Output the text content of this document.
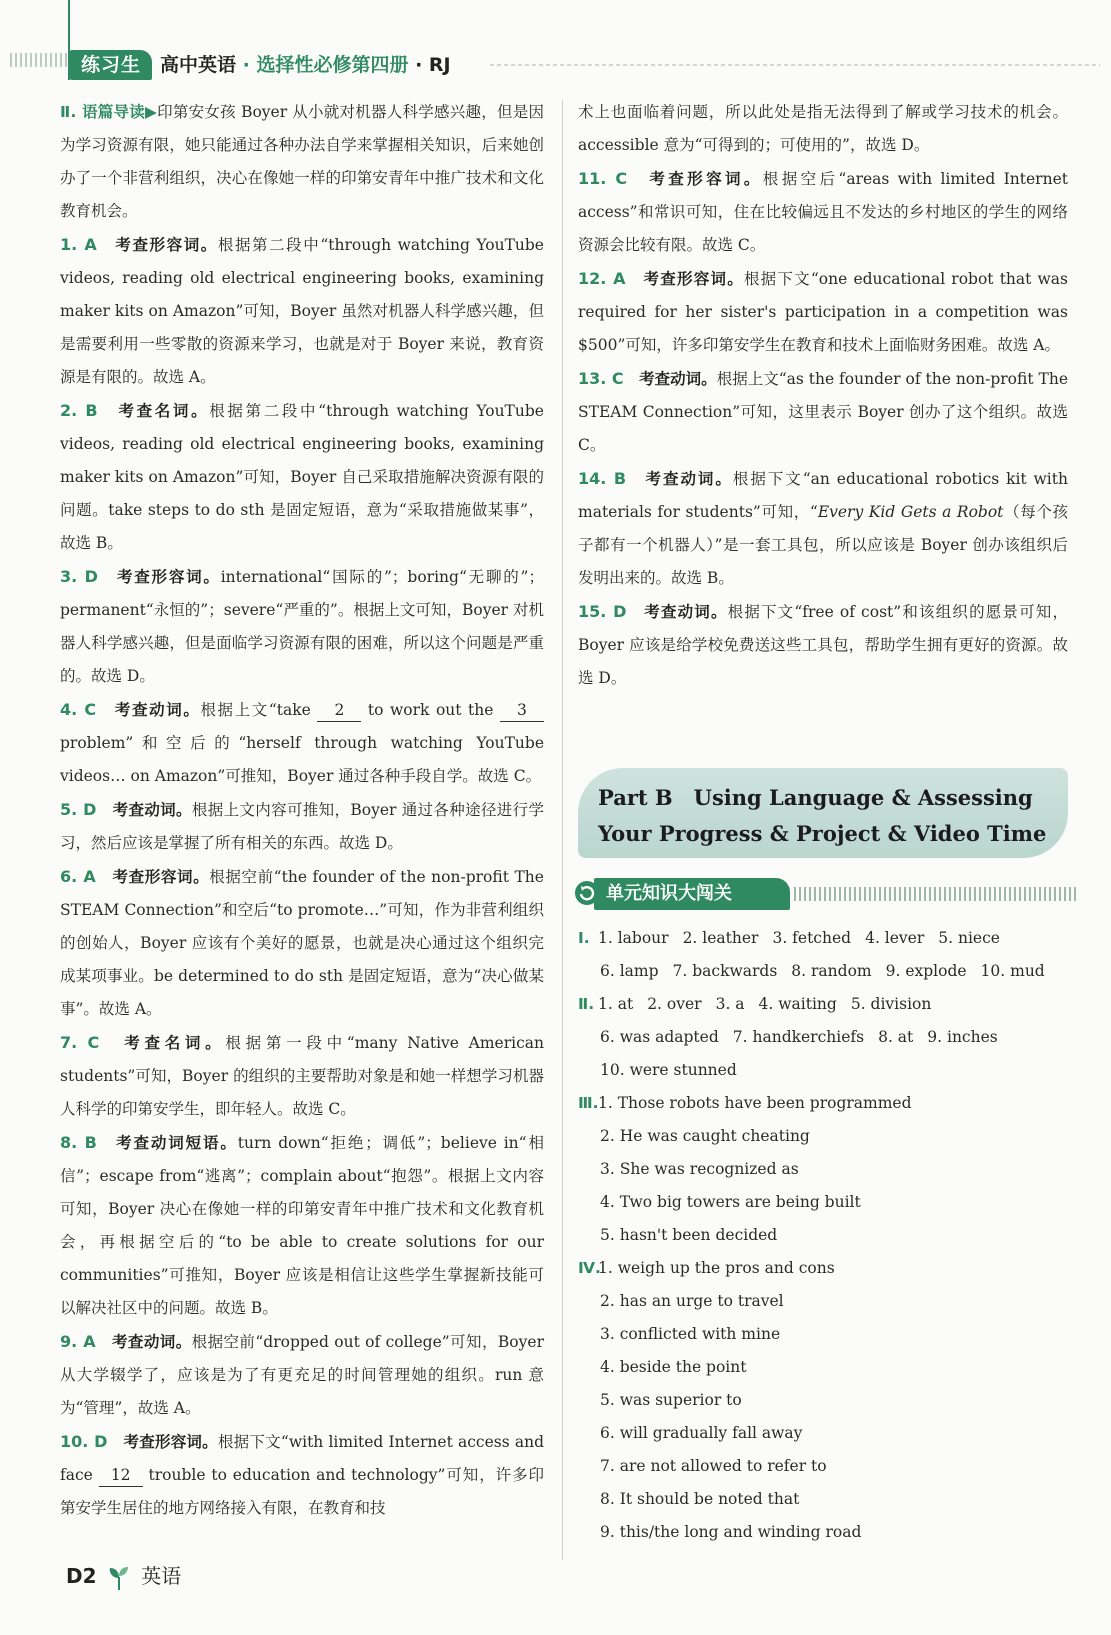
练习生	高中英语 · 选择性必修第四册 · RJ
Ⅱ. 语篇导读▶印第安女孩 Boyer 从小就对机器人科学感兴趣，但是因为学习资源有限，她只能通过各种办法自学来掌握相关知识，后来她创办了一个非营利组织，决心在像她一样的印第安青年中推广技术和文化教育机会。
1. A　 考查形容词。根据第二段中“through watching YouTube videos, reading old electrical engineering books, examining maker kits on Amazon”可知，Boyer 虽然对机器人科学感兴趣，但是需要利用一些零散的资源来学习，也就是对于 Boyer 来说，教育资源是有限的。故选 A。
2. B　 考查名词。根据第二段中“through watching YouTube videos, reading old electrical engineering books, examining maker kits on Amazon”可知，Boyer 自己采取措施解决资源有限的问题。take steps to do sth 是固定短语，意为“采取措施做某事”，故选 B。
3. D　 考查形容词。international“国际的”；boring“无聊的”；permanent“永恒的”；severe“严重的”。根据上文可知，Boyer 对机器人科学感兴趣，但是面临学习资源有限的困难，所以这个问题是严重的。故选 D。
4. C　 考查动词。根据上文“take 2 to work out the 3 problem”和空后的“herself through watching YouTube videos… on Amazon”可推知，Boyer 通过各种手段自学。故选 C。
5. D　 考查动词。根据上文内容可推知，Boyer 通过各种途径进行学习，然后应该是掌握了所有相关的东西。故选 D。
6. A　 考查形容词。根据空前“the founder of the non-profit The STEAM Connection”和空后“to promote…”可知，作为非营利组织的创始人，Boyer 应该有个美好的愿景，也就是决心通过这个组织完成某项事业。be determined to do sth 是固定短语，意为“决心做某事”。故选 A。
7. C　 考查名词。根据第一段中“many Native American students”可知，Boyer 的组织的主要帮助对象是和她一样想学习机器人科学的印第安学生，即年轻人。故选 C。
8. B　 考查动词短语。turn down“拒绝；调低”；believe in“相信”；escape from“逃离”；complain about“抱怨”。根据上文内容可知，Boyer 决心在像她一样的印第安青年中推广技术和文化教育机会，再根据空后的“to be able to create solutions for our communities”可推知，Boyer 应该是相信让这些学生掌握新技能可以解决社区中的问题。故选 B。
9. A　 考查动词。根据空前“dropped out of college”可知，Boyer 从大学辍学了，应该是为了有更充足的时间管理她的组织。run 意为“管理”，故选 A。
10. D　 考查形容词。根据下文“with limited Internet access and face 12 trouble to education and technology”可知，许多印第安学生居住的地方网络接入有限，在教育和技
术上也面临着问题，所以此处是指无法得到了解或学习技术的机会。accessible 意为“可得到的；可使用的”，故选 D。
11. C　 考查形容词。根据空后“areas with limited Internet access”和常识可知，住在比较偏远且不发达的乡村地区的学生的网络资源会比较有限。故选 C。
12. A　 考查形容词。根据下文“one educational robot that was required for her sister's participation in a competition was $500”可知，许多印第安学生在教育和技术上面临财务困难。故选 A。
13. C　 考查动词。根据上文“as the founder of the non-profit The STEAM Connection”可知，这里表示 Boyer 创办了这个组织。故选 C。
14. B　 考查动词。根据下文“an educational robotics kit with materials for students”可知，“Every Kid Gets a Robot（每个孩子都有一个机器人）”是一套工具包，所以应该是 Boyer 创办该组织后发明出来的。故选 B。
15. D　 考查动词。根据下文“free of cost”和该组织的愿景可知，Boyer 应该是给学校免费送这些工具包，帮助学生拥有更好的资源。故选 D。
Part B　Using Language & Assessing
Your Progress & Project & Video Time
单元知识大闯关
Ⅰ. 1. labour 2. leather 3. fetched 4. lever 5. niece
6. lamp 7. backwards 8. random 9. explode 10. mud
Ⅱ. 1. at 2. over 3. a 4. waiting 5. division
6. was adapted 7. handkerchiefs 8. at 9. inches
10. were stunned
Ⅲ.1. Those robots have been programmed
2. He was caught cheating
3. She was recognized as
4. Two big towers are being built
5. hasn't been decided
Ⅳ.1. weigh up the pros and cons
2. has an urge to travel
3. conflicted with mine
4. beside the point
5. was superior to
6. will gradually fall away
7. are not allowed to refer to
8. It should be noted that
9. this/the long and winding road
D2 英语
